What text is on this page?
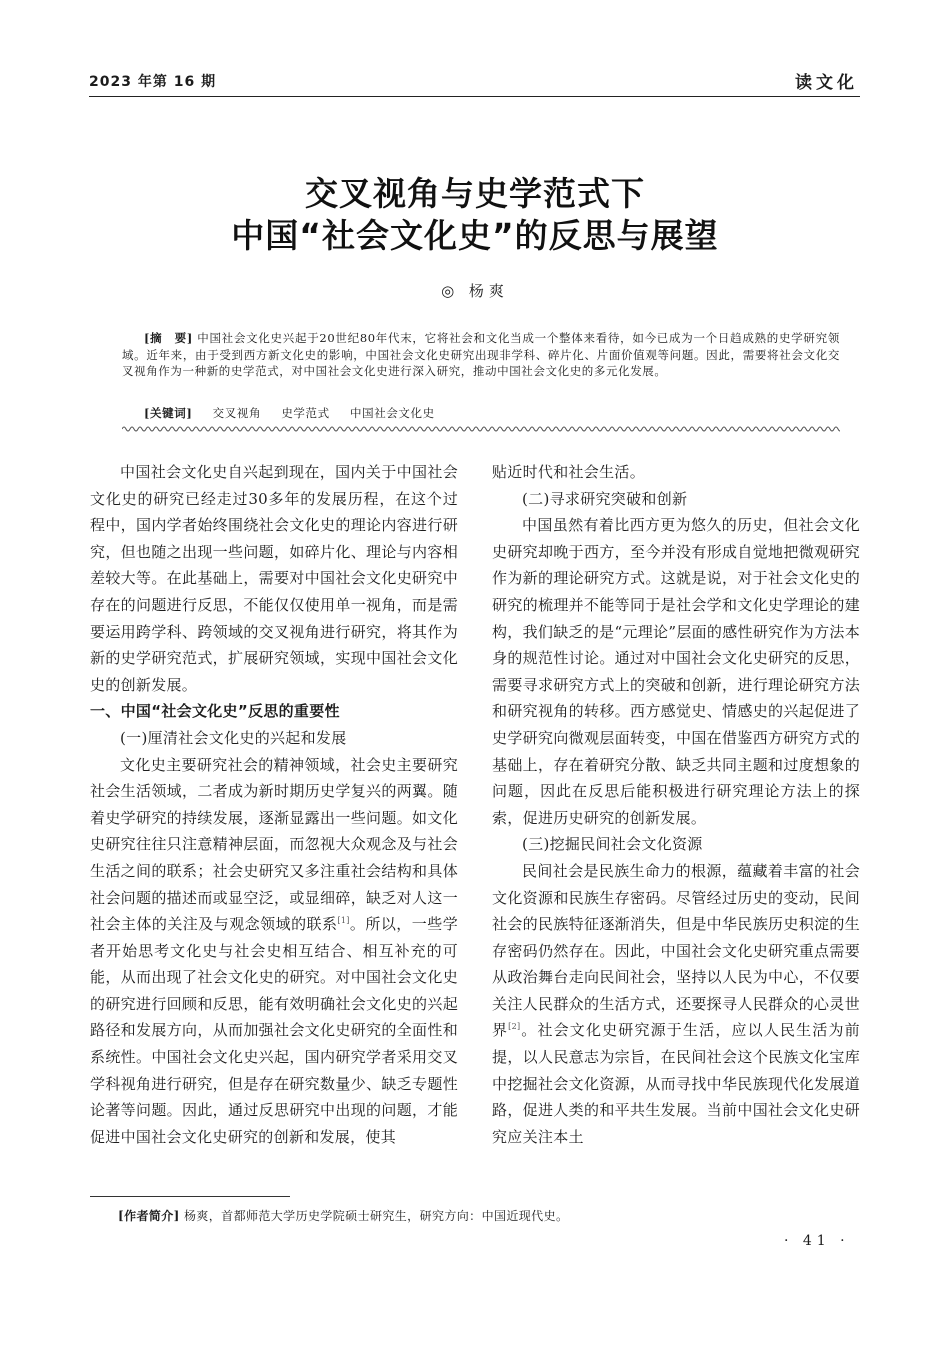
2023 年第 16 期	读文化
交叉视角与史学范式下
中国“社会文化史”的反思与展望
◎ 杨爽
[摘　要] 中国社会文化史兴起于20世纪80年代末，它将社会和文化当成一个整体来看待，如今已成为一个日趋成熟的史学研究领域。近年来，由于受到西方新文化史的影响，中国社会文化史研究出现非学科、碎片化、片面价值观等问题。因此，需要将社会文化交叉视角作为一种新的史学范式，对中国社会文化史进行深入研究，推动中国社会文化史的多元化发展。
[关键词] 交叉视角 史学范式 中国社会文化史

中国社会文化史自兴起到现在，国内关于中国社会文化史的研究已经走过30多年的发展历程，在这个过程中，国内学者始终围绕社会文化史的理论内容进行研究，但也随之出现一些问题，如碎片化、理论与内容相差较大等。在此基础上，需要对中国社会文化史研究中存在的问题进行反思，不能仅仅使用单一视角，而是需要运用跨学科、跨领域的交叉视角进行研究，将其作为新的史学研究范式，扩展研究领域，实现中国社会文化史的创新发展。

一、中国“社会文化史”反思的重要性

(一)厘清社会文化史的兴起和发展

文化史主要研究社会的精神领域，社会史主要研究社会生活领域，二者成为新时期历史学复兴的两翼。随着史学研究的持续发展，逐渐显露出一些问题。如文化史研究往往只注意精神层面，而忽视大众观念及与社会生活之间的联系；社会史研究又多注重社会结构和具体社会问题的描述而或显空泛，或显细碎，缺乏对人这一社会主体的关注及与观念领域的联系[1]。所以，一些学者开始思考文化史与社会史相互结合、相互补充的可能，从而出现了社会文化史的研究。对中国社会文化史的研究进行回顾和反思，能有效明确社会文化史的兴起路径和发展方向，从而加强社会文化史研究的全面性和系统性。中国社会文化史兴起，国内研究学者采用交叉学科视角进行研究，但是存在研究数量少、缺乏专题性论著等问题。因此，通过反思研究中出现的问题，才能促进中国社会文化史研究的创新和发展，使其

贴近时代和社会生活。

(二)寻求研究突破和创新

中国虽然有着比西方更为悠久的历史，但社会文化史研究却晚于西方，至今并没有形成自觉地把微观研究作为新的理论研究方式。这就是说，对于社会文化史的研究的梳理并不能等同于是社会学和文化史学理论的建构，我们缺乏的是“元理论”层面的感性研究作为方法本身的规范性讨论。通过对中国社会文化史研究的反思，需要寻求研究方式上的突破和创新，进行理论研究方法和研究视角的转移。西方感觉史、情感史的兴起促进了史学研究向微观层面转变，中国在借鉴西方研究方式的基础上，存在着研究分散、缺乏共同主题和过度想象的问题，因此在反思后能积极进行研究理论方法上的探索，促进历史研究的创新发展。

(三)挖掘民间社会文化资源

民间社会是民族生命力的根源，蕴藏着丰富的社会文化资源和民族生存密码。尽管经过历史的变动，民间社会的民族特征逐渐消失，但是中华民族历史积淀的生存密码仍然存在。因此，中国社会文化史研究重点需要从政治舞台走向民间社会，坚持以人民为中心，不仅要关注人民群众的生活方式，还要探寻人民群众的心灵世界[2]。社会文化史研究源于生活，应以人民生活为前提，以人民意志为宗旨，在民间社会这个民族文化宝库中挖掘社会文化资源，从而寻找中华民族现代化发展道路，促进人类的和平共生发展。当前中国社会文化史研究应关注本土

[作者简介] 杨爽，首都师范大学历史学院硕士研究生，研究方向：中国近现代史。
· 41 ·
